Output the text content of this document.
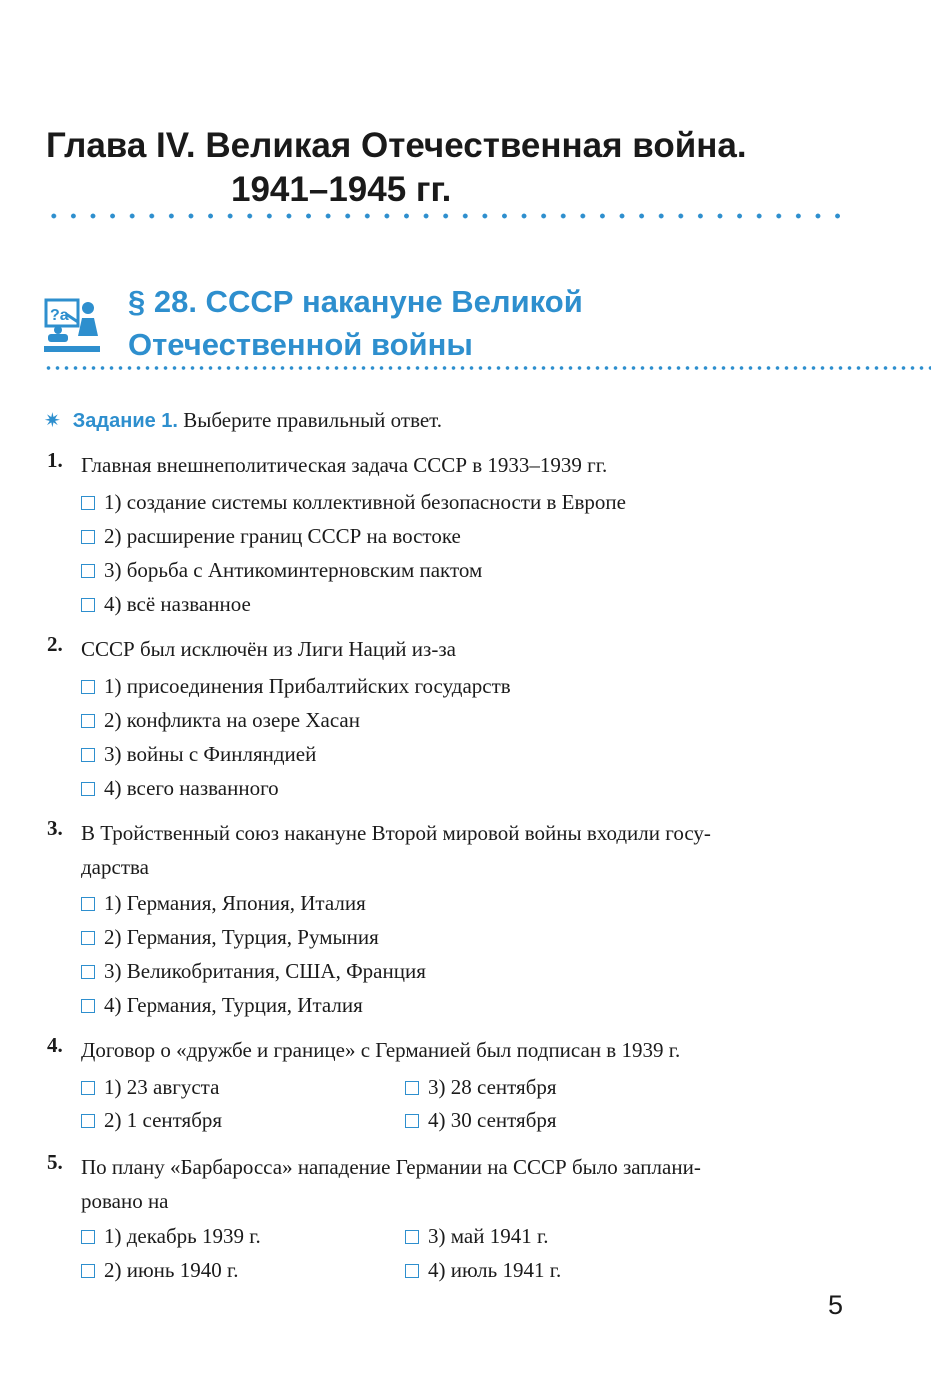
Глава IV. Великая Отечественная война.
1941–1945 гг.
?a § 28. СССР накануне Великой
Отечественной войны
✷ Задание 1. Выберите правильный ответ.
1. Главная внешнеполитическая задача СССР в 1933–1939 гг.
1) создание системы коллективной безопасности в Европе
2) расширение границ СССР на востоке
3) борьба с Антикоминтерновским пактом
4) всё названное
2. СССР был исключён из Лиги Наций из-за
1) присоединения Прибалтийских государств
2) конфликта на озере Хасан
3) войны с Финляндией
4) всего названного
3. В Тройственный союз накануне Второй мировой войны входили госу-
дарства
1) Германия, Япония, Италия
2) Германия, Турция, Румыния
3) Великобритания, США, Франция
4) Германия, Турция, Италия
4. Договор о «дружбе и границе» с Германией был подписан в 1939 г.
1) 23 августа
2) 1 сентября
3) 28 сентября
4) 30 сентября
5. По плану «Барбаросса» нападение Германии на СССР было заплани-
ровано на
1) декабрь 1939 г.
2) июнь 1940 г.
3) май 1941 г.
4) июль 1941 г.
5
